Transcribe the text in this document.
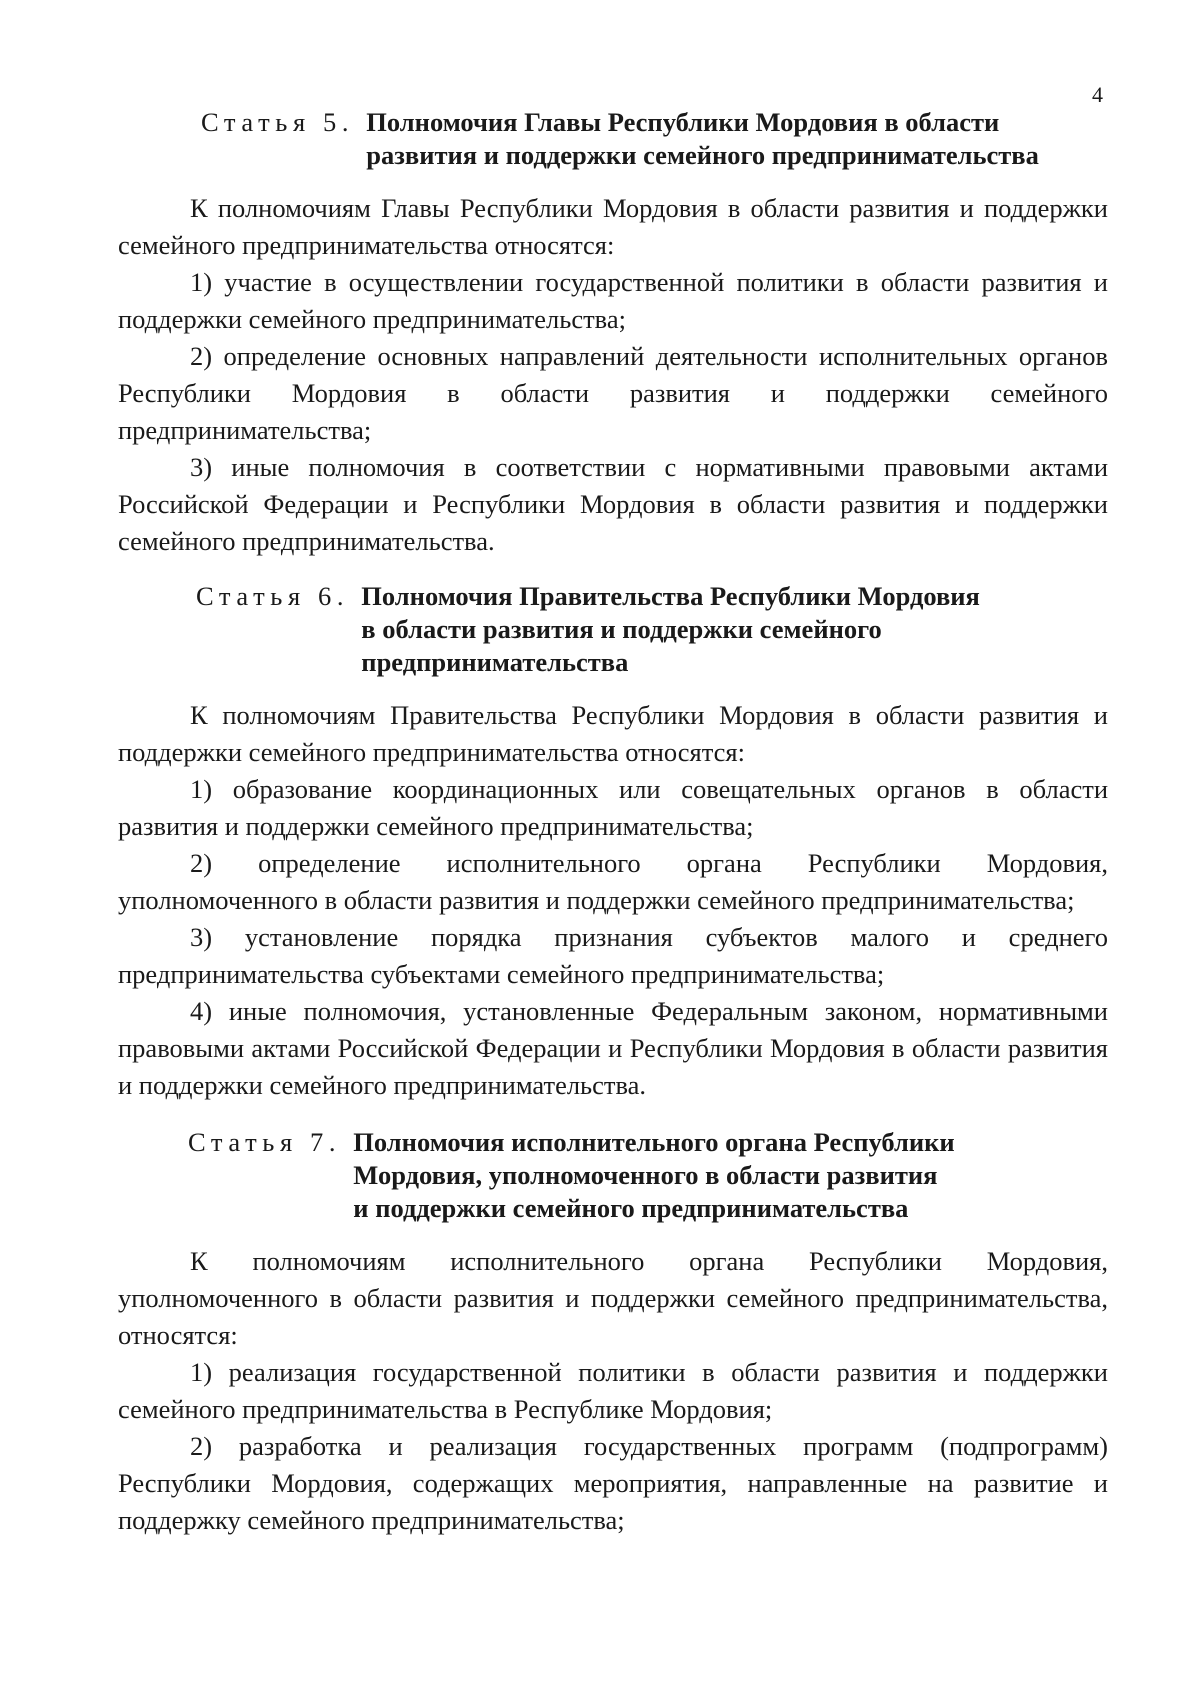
4
Статья 5. Полномочия Главы Республики Мордовия в области
развития и поддержки семейного предпринимательства

К полномочиям Главы Республики Мордовия в области развития и поддержки семейного предпринимательства относятся:

1) участие в осуществлении государственной политики в области развития и поддержки семейного предпринимательства;

2) определение основных направлений деятельности исполнительных органов Республики Мордовия в области развития и поддержки семейного предпринимательства;

3) иные полномочия в соответствии с нормативными правовыми актами Российской Федерации и Республики Мордовия в области развития и поддержки семейного предпринимательства.

Статья 6. Полномочия Правительства Республики Мордовия
в области развития и поддержки семейного
предпринимательства

К полномочиям Правительства Республики Мордовия в области развития и поддержки семейного предпринимательства относятся:

1) образование координационных или совещательных органов в области развития и поддержки семейного предпринимательства;

2) определение исполнительного органа Республики Мордовия, уполномоченного в области развития и поддержки семейного предпринимательства;

3) установление порядка признания субъектов малого и среднего предпринимательства субъектами семейного предпринимательства;

4) иные полномочия, установленные Федеральным законом, нормативными правовыми актами Российской Федерации и Республики Мордовия в области развития и поддержки семейного предпринимательства.

Статья 7. Полномочия исполнительного органа Республики
Мордовия, уполномоченного в области развития
и поддержки семейного предпринимательства

К полномочиям исполнительного органа Республики Мордовия, уполномоченного в области развития и поддержки семейного предпринимательства, относятся:

1) реализация государственной политики в области развития и поддержки семейного предпринимательства в Республике Мордовия;

2) разработка и реализация государственных программ (подпрограмм) Республики Мордовия, содержащих мероприятия, направленные на развитие и поддержку семейного предпринимательства;
